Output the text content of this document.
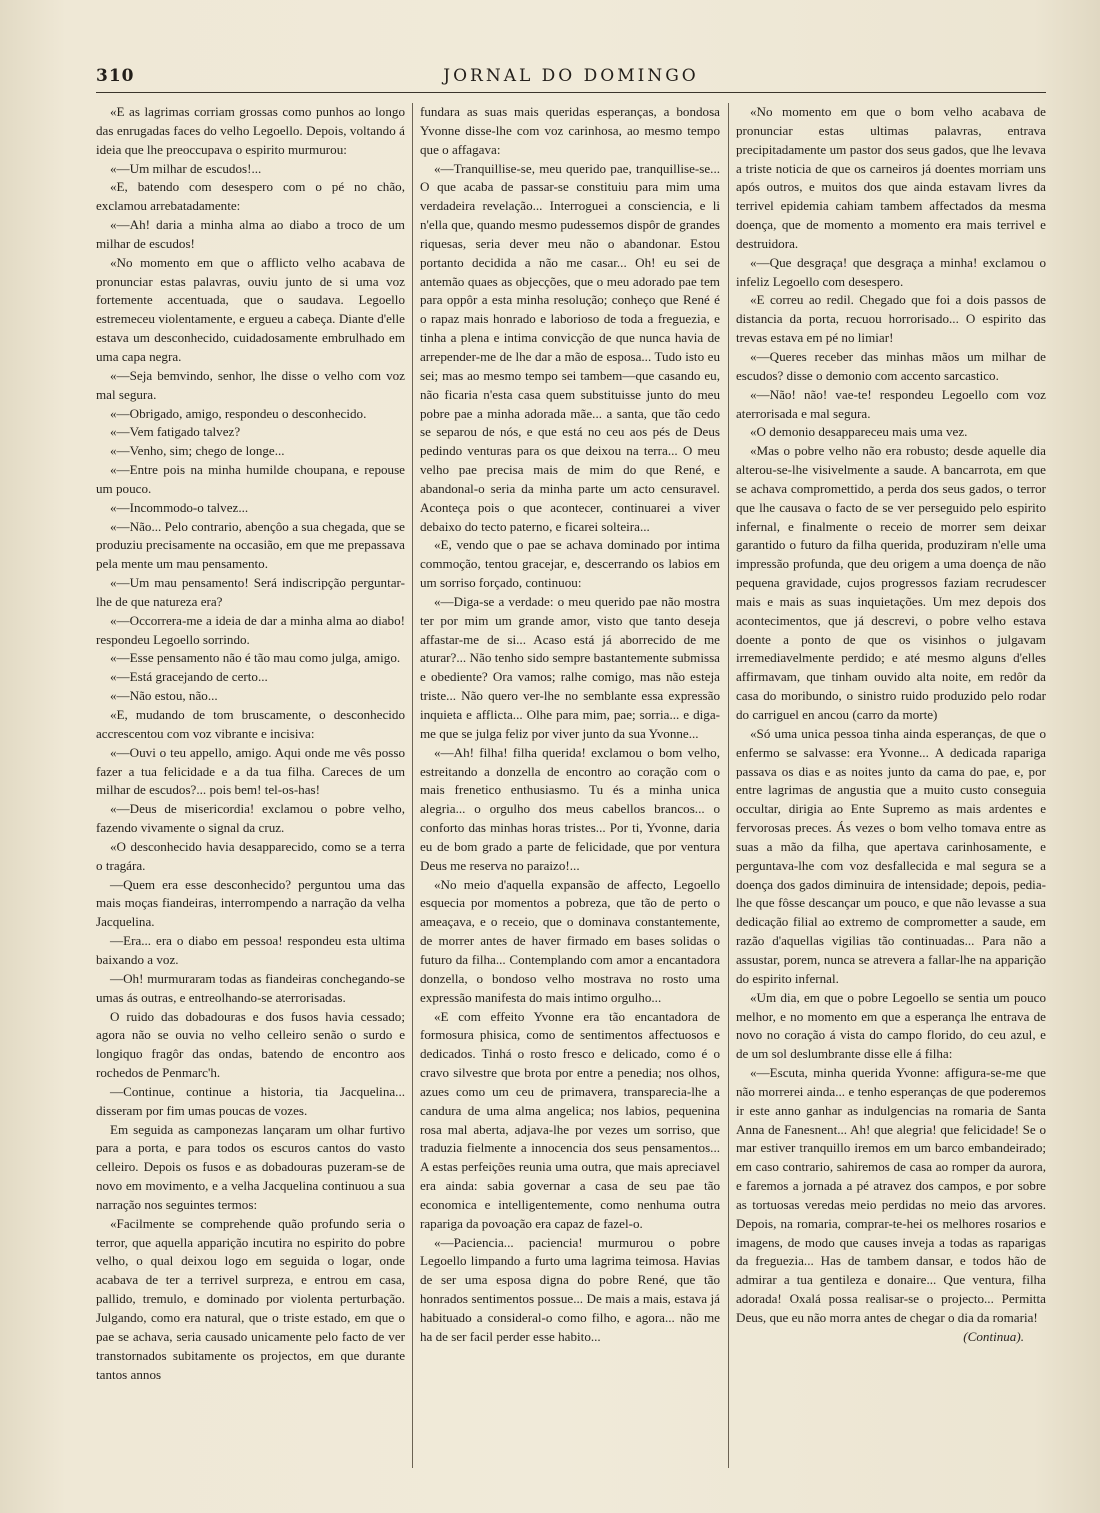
310	JORNAL DO DOMINGO

«E as lagrimas corriam grossas como punhos ao longo das enrugadas faces do velho Legoello. Depois, voltando á ideia que lhe preoccupava o espirito murmurou:

«—Um milhar de escudos!...

«E, batendo com desespero com o pé no chão, exclamou arrebatadamente:

«—Ah! daria a minha alma ao diabo a troco de um milhar de escudos!

«No momento em que o afflicto velho acabava de pronunciar estas palavras, ouviu junto de si uma voz fortemente accentuada, que o saudava. Legoello estremeceu violentamente, e ergueu a cabeça. Diante d'elle estava um desconhecido, cuidadosamente embrulhado em uma capa negra.

«—Seja bemvindo, senhor, lhe disse o velho com voz mal segura.

«—Obrigado, amigo, respondeu o desconhecido.

«—Vem fatigado talvez?

«—Venho, sim; chego de longe...

«—Entre pois na minha humilde choupana, e repouse um pouco.

«—Incommodo-o talvez...

«—Não... Pelo contrario, abençôo a sua chegada, que se produziu precisamente na occasião, em que me prepassava pela mente um mau pensamento.

«—Um mau pensamento! Será indiscripção perguntar-lhe de que natureza era?

«—Occorrera-me a ideia de dar a minha alma ao diabo! respondeu Legoello sorrindo.

«—Esse pensamento não é tão mau como julga, amigo.

«—Está gracejando de certo...

«—Não estou, não...

«E, mudando de tom bruscamente, o desconhecido accrescentou com voz vibrante e incisiva:

«—Ouvi o teu appello, amigo. Aqui onde me vês posso fazer a tua felicidade e a da tua filha. Careces de um milhar de escudos?... pois bem! tel-os-has!

«—Deus de misericordia! exclamou o pobre velho, fazendo vivamente o signal da cruz.

«O desconhecido havia desapparecido, como se a terra o tragára.

—Quem era esse desconhecido? perguntou uma das mais moças fiandeiras, interrompendo a narração da velha Jacquelina.

—Era... era o diabo em pessoa! respondeu esta ultima baixando a voz.

—Oh! murmuraram todas as fiandeiras conchegando-se umas ás outras, e entreolhando-se aterrorisadas.

O ruido das dobadouras e dos fusos havia cessado; agora não se ouvia no velho celleiro senão o surdo e longiquo fragôr das ondas, batendo de encontro aos rochedos de Penmarc'h.

—Continue, continue a historia, tia Jacquelina... disseram por fim umas poucas de vozes.

Em seguida as camponezas lançaram um olhar furtivo para a porta, e para todos os escuros cantos do vasto celleiro. Depois os fusos e as dobadouras puzeram-se de novo em movimento, e a velha Jacquelina continuou a sua narração nos seguintes termos:

«Facilmente se comprehende quão profundo seria o terror, que aquella apparição incutira no espirito do pobre velho, o qual deixou logo em seguida o logar, onde acabava de ter a terrivel surpreza, e entrou em casa, pallido, tremulo, e dominado por violenta perturbação. Julgando, como era natural, que o triste estado, em que o pae se achava, seria causado unicamente pelo facto de ver transtornados subitamente os projectos, em que durante tantos annos

fundara as suas mais queridas esperanças, a bondosa Yvonne disse-lhe com voz carinhosa, ao mesmo tempo que o affagava:

«—Tranquillise-se, meu querido pae, tranquillise-se... O que acaba de passar-se constituiu para mim uma verdadeira revelação... Interroguei a consciencia, e li n'ella que, quando mesmo pudessemos dispôr de grandes riquesas, seria dever meu não o abandonar. Estou portanto decidida a não me casar... Oh! eu sei de antemão quaes as objecções, que o meu adorado pae tem para oppôr a esta minha resolução; conheço que René é o rapaz mais honrado e laborioso de toda a freguezia, e tinha a plena e intima convicção de que nunca havia de arrepender-me de lhe dar a mão de esposa... Tudo isto eu sei; mas ao mesmo tempo sei tambem—que casando eu, não ficaria n'esta casa quem substituisse junto do meu pobre pae a minha adorada mãe... a santa, que tão cedo se separou de nós, e que está no ceu aos pés de Deus pedindo venturas para os que deixou na terra... O meu velho pae precisa mais de mim do que René, e abandonal-o seria da minha parte um acto censuravel. Aconteça pois o que acontecer, continuarei a viver debaixo do tecto paterno, e ficarei solteira...

«E, vendo que o pae se achava dominado por intima commoção, tentou gracejar, e, descerrando os labios em um sorriso forçado, continuou:

«—Diga-se a verdade: o meu querido pae não mostra ter por mim um grande amor, visto que tanto deseja affastar-me de si... Acaso está já aborrecido de me aturar?... Não tenho sido sempre bastantemente submissa e obediente? Ora vamos; ralhe comigo, mas não esteja triste... Não quero ver-lhe no semblante essa expressão inquieta e afflicta... Olhe para mim, pae; sorria... e diga-me que se julga feliz por viver junto da sua Yvonne...

«—Ah! filha! filha querida! exclamou o bom velho, estreitando a donzella de encontro ao coração com o mais frenetico enthusiasmo. Tu és a minha unica alegria... o orgulho dos meus cabellos brancos... o conforto das minhas horas tristes... Por ti, Yvonne, daria eu de bom grado a parte de felicidade, que por ventura Deus me reserva no paraizo!...

«No meio d'aquella expansão de affecto, Legoello esquecia por momentos a pobreza, que tão de perto o ameaçava, e o receio, que o dominava constantemente, de morrer antes de haver firmado em bases solidas o futuro da filha... Contemplando com amor a encantadora donzella, o bondoso velho mostrava no rosto uma expressão manifesta do mais intimo orgulho...

«E com effeito Yvonne era tão encantadora de formosura phisica, como de sentimentos affectuosos e dedicados. Tinhá o rosto fresco e delicado, como é o cravo silvestre que brota por entre a penedia; nos olhos, azues como um ceu de primavera, transparecia-lhe a candura de uma alma angelica; nos labios, pequenina rosa mal aberta, adjava-lhe por vezes um sorriso, que traduzia fielmente a innocencia dos seus pensamentos... A estas perfeições reunia uma outra, que mais apreciavel era ainda: sabia governar a casa de seu pae tão economica e intelligentemente, como nenhuma outra rapariga da povoação era capaz de fazel-o.

«—Paciencia... paciencia! murmurou o pobre Legoello limpando a furto uma lagrima teimosa. Havias de ser uma esposa digna do pobre René, que tão honrados sentimentos possue... De mais a mais, estava já habituado a consideral-o como filho, e agora... não me ha de ser facil perder esse habito...

«No momento em que o bom velho acabava de pronunciar estas ultimas palavras, entrava precipitadamente um pastor dos seus gados, que lhe levava a triste noticia de que os carneiros já doentes morriam uns após outros, e muitos dos que ainda estavam livres da terrivel epidemia cahiam tambem affectados da mesma doença, que de momento a momento era mais terrivel e destruidora.

«—Que desgraça! que desgraça a minha! exclamou o infeliz Legoello com desespero.

«E correu ao redil. Chegado que foi a dois passos de distancia da porta, recuou horrorisado... O espirito das trevas estava em pé no limiar!

«—Queres receber das minhas mãos um milhar de escudos? disse o demonio com accento sarcastico.

«—Não! não! vae-te! respondeu Legoello com voz aterrorisada e mal segura.

«O demonio desappareceu mais uma vez.

«Mas o pobre velho não era robusto; desde aquelle dia alterou-se-lhe visivelmente a saude. A bancarrota, em que se achava compromettido, a perda dos seus gados, o terror que lhe causava o facto de se ver perseguido pelo espirito infernal, e finalmente o receio de morrer sem deixar garantido o futuro da filha querida, produziram n'elle uma impressão profunda, que deu origem a uma doença de não pequena gravidade, cujos progressos faziam recrudescer mais e mais as suas inquietações. Um mez depois dos acontecimentos, que já descrevi, o pobre velho estava doente a ponto de que os visinhos o julgavam irremediavelmente perdido; e até mesmo alguns d'elles affirmavam, que tinham ouvido alta noite, em redôr da casa do moribundo, o sinistro ruido produzido pelo rodar do carriguel en ancou (carro da morte)

«Só uma unica pessoa tinha ainda esperanças, de que o enfermo se salvasse: era Yvonne... A dedicada rapariga passava os dias e as noites junto da cama do pae, e, por entre lagrimas de angustia que a muito custo conseguia occultar, dirigia ao Ente Supremo as mais ardentes e fervorosas preces. Ás vezes o bom velho tomava entre as suas a mão da filha, que apertava carinhosamente, e perguntava-lhe com voz desfallecida e mal segura se a doença dos gados diminuira de intensidade; depois, pedia-lhe que fôsse descançar um pouco, e que não levasse a sua dedicação filial ao extremo de comprometter a saude, em razão d'aquellas vigilias tão continuadas... Para não a assustar, porem, nunca se atrevera a fallar-lhe na apparição do espirito infernal.

«Um dia, em que o pobre Legoello se sentia um pouco melhor, e no momento em que a esperança lhe entrava de novo no coração á vista do campo florido, do ceu azul, e de um sol deslumbrante disse elle á filha:

«—Escuta, minha querida Yvonne: affigura-se-me que não morrerei ainda... e tenho esperanças de que poderemos ir este anno ganhar as indulgencias na romaria de Santa Anna de Fanesnent... Ah! que alegria! que felicidade! Se o mar estiver tranquillo iremos em um barco embandeirado; em caso contrario, sahiremos de casa ao romper da aurora, e faremos a jornada a pé atravez dos campos, e por sobre as tortuosas veredas meio perdidas no meio das arvores. Depois, na romaria, comprar-te-hei os melhores rosarios e imagens, de modo que causes inveja a todas as raparigas da freguezia... Has de tambem dansar, e todos hão de admirar a tua gentileza e donaire... Que ventura, filha adorada! Oxalá possa realisar-se o projecto... Permitta Deus, que eu não morra antes de chegar o dia da romaria!

(Continua).
